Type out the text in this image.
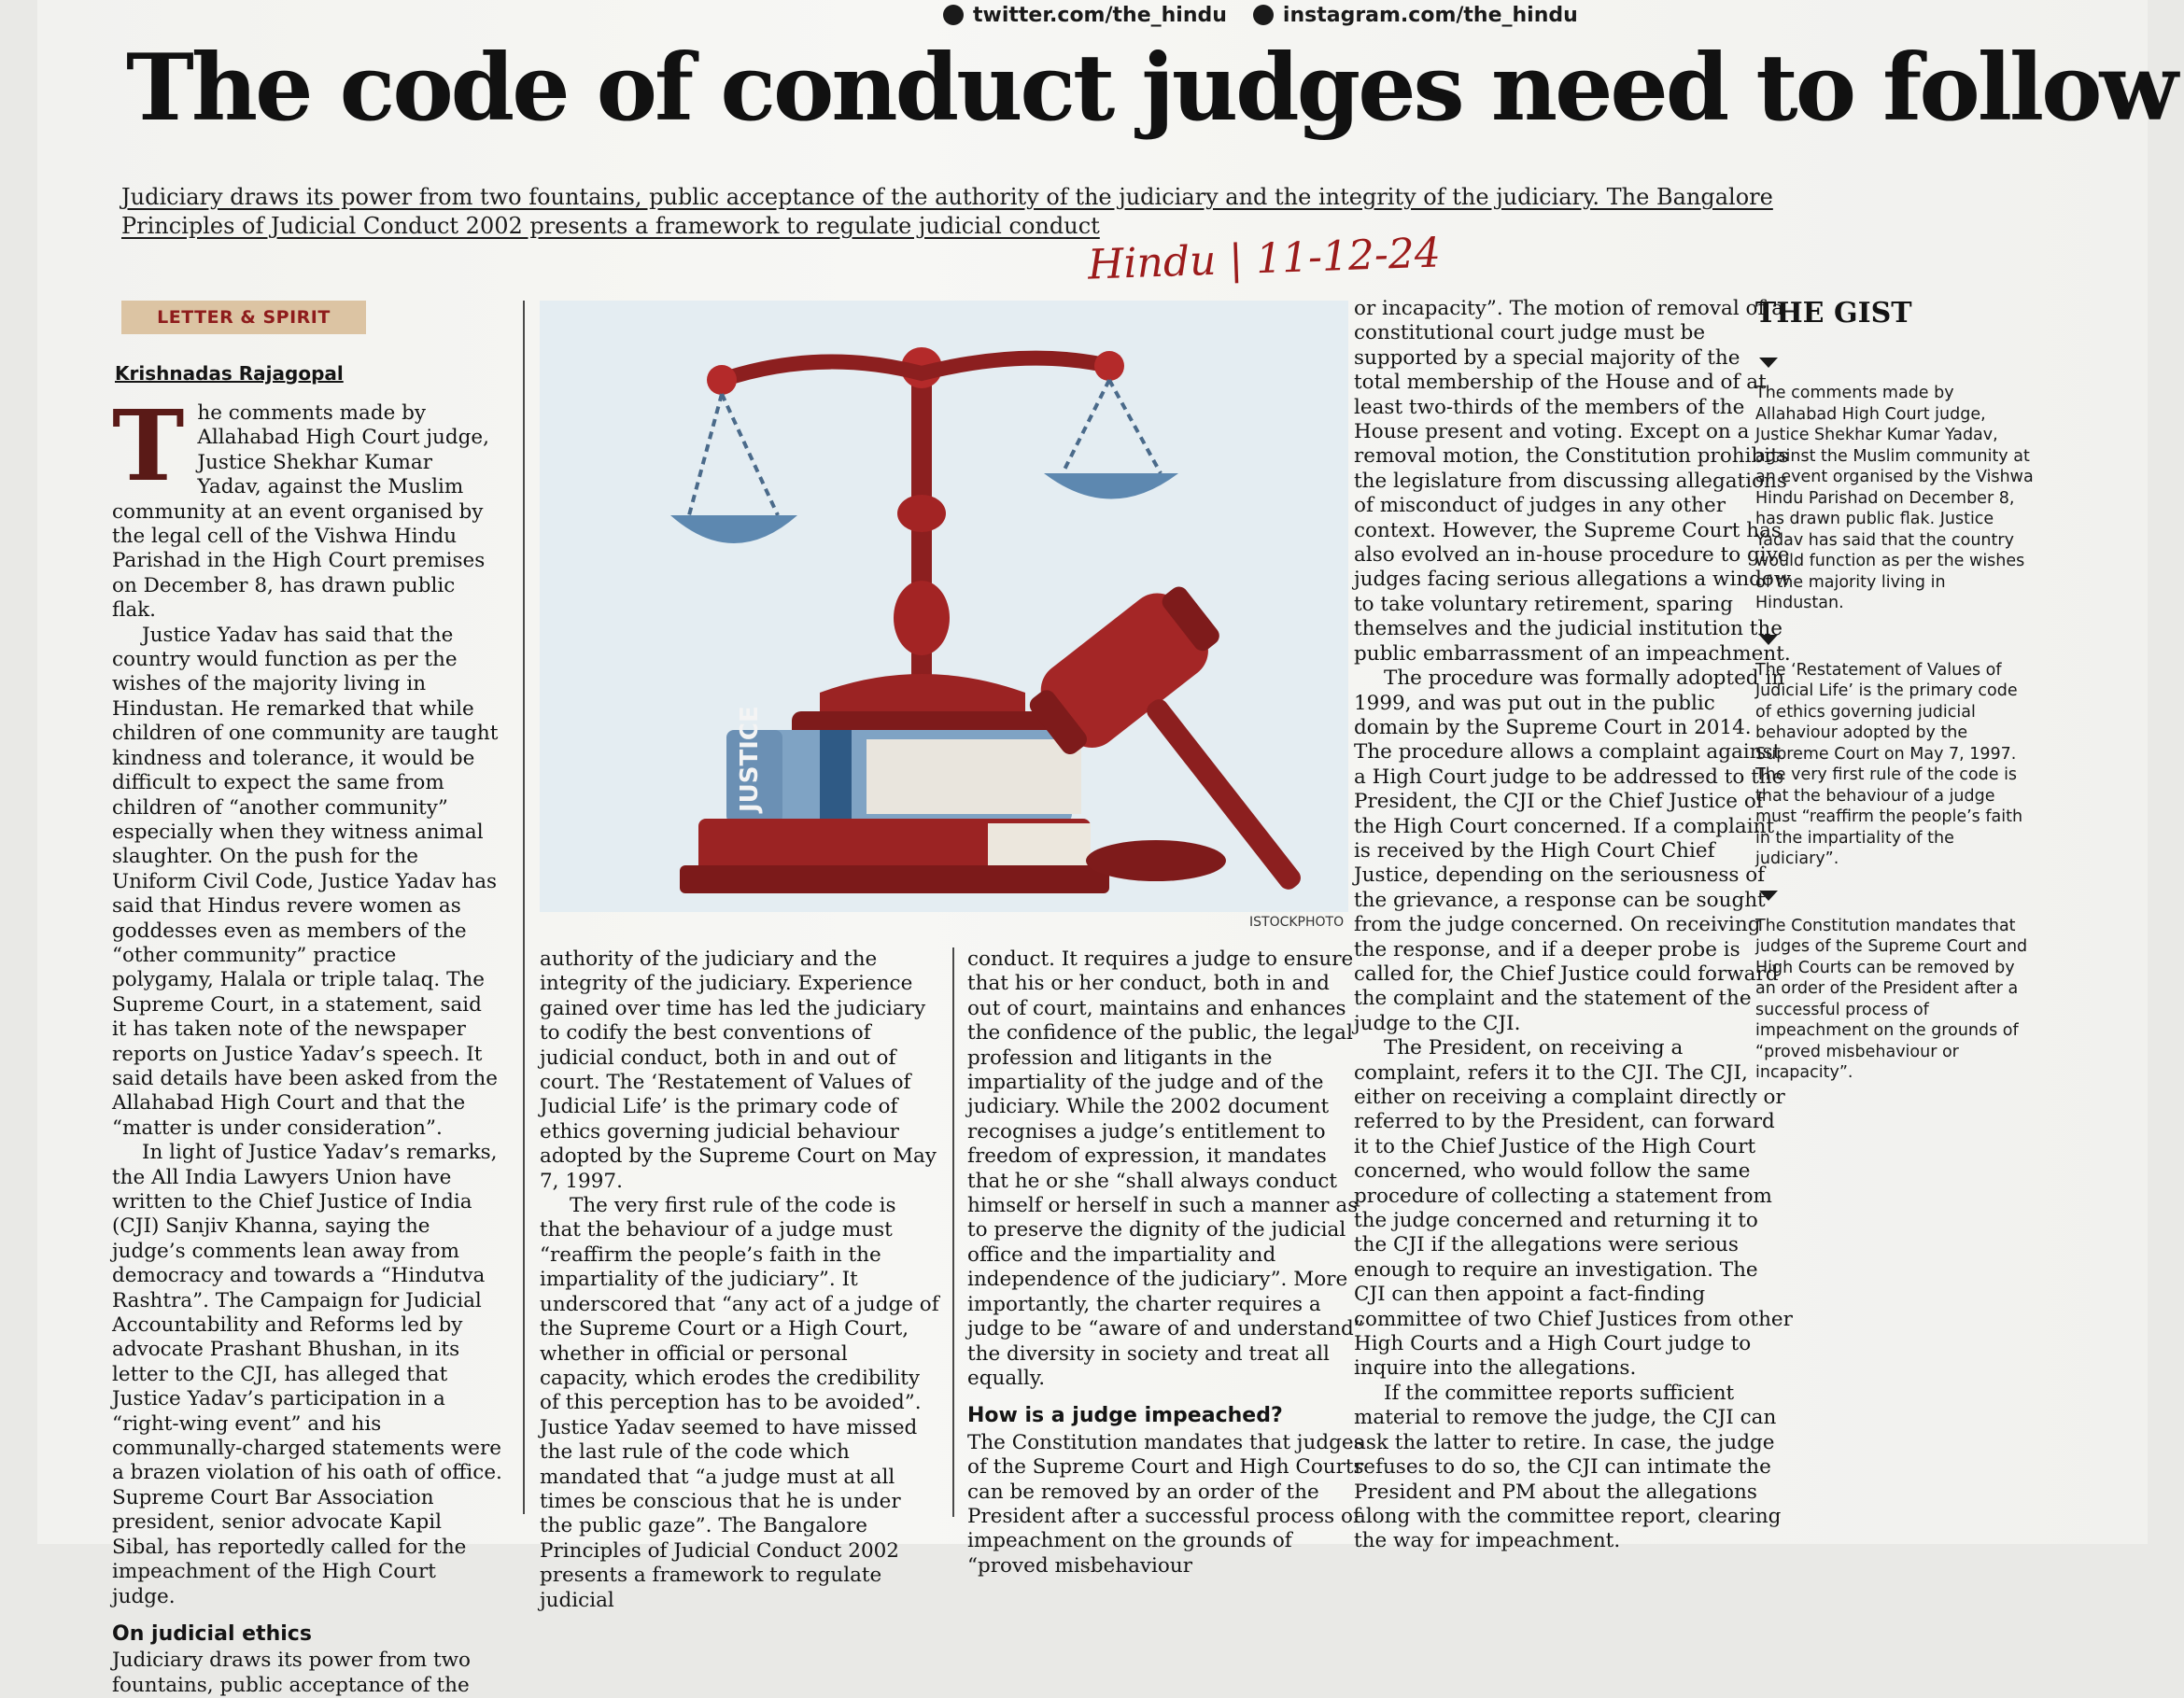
twitter.com/the_hindu	instagram.com/the_hindu
The code of conduct judges need to follow

Judiciary draws its power from two fountains, public acceptance of the authority of the judiciary and the integrity of the judiciary. The Bangalore Principles of Judicial Conduct 2002 presents a framework to regulate judicial conduct

Hindu | 11-12-24
LETTER & SPIRIT
Krishnadas Rajagopal
T he comments made by Allahabad High Court judge, Justice Shekhar Kumar Yadav, against the Muslim community at an event organised by the legal cell of the Vishwa Hindu Parishad in the High Court premises on December 8, has drawn public flak.

Justice Yadav has said that the country would function as per the wishes of the majority living in Hindustan. He remarked that while children of one community are taught kindness and tolerance, it would be difficult to expect the same from children of “another community” especially when they witness animal slaughter. On the push for the Uniform Civil Code, Justice Yadav has said that Hindus revere women as goddesses even as members of the “other community” practice polygamy, Halala or triple talaq. The Supreme Court, in a statement, said it has taken note of the newspaper reports on Justice Yadav’s speech. It said details have been asked from the Allahabad High Court and that the “matter is under consideration”.

In light of Justice Yadav’s remarks, the All India Lawyers Union have written to the Chief Justice of India (CJI) Sanjiv Khanna, saying the judge’s comments lean away from democracy and towards a “Hindutva Rashtra”. The Campaign for Judicial Accountability and Reforms led by advocate Prashant Bhushan, in its letter to the CJI, has alleged that Justice Yadav’s participation in a “right-wing event” and his communally-charged statements were a brazen violation of his oath of office. Supreme Court Bar Association president, senior advocate Kapil Sibal, has reportedly called for the impeachment of the High Court judge.

On judicial ethics

Judiciary draws its power from two fountains, public acceptance of the

JUSTICE
ISTOCKPHOTO

authority of the judiciary and the integrity of the judiciary. Experience gained over time has led the judiciary to codify the best conventions of judicial conduct, both in and out of court. The ‘Restatement of Values of Judicial Life’ is the primary code of ethics governing judicial behaviour adopted by the Supreme Court on May 7, 1997.

The very first rule of the code is that the behaviour of a judge must “reaffirm the people’s faith in the impartiality of the judiciary”. It underscored that “any act of a judge of the Supreme Court or a High Court, whether in official or personal capacity, which erodes the credibility of this perception has to be avoided”. Justice Yadav seemed to have missed the last rule of the code which mandated that “a judge must at all times be conscious that he is under the public gaze”. The Bangalore Principles of Judicial Conduct 2002 presents a framework to regulate judicial

conduct. It requires a judge to ensure that his or her conduct, both in and out of court, maintains and enhances the confidence of the public, the legal profession and litigants in the impartiality of the judge and of the judiciary. While the 2002 document recognises a judge’s entitlement to freedom of expression, it mandates that he or she “shall always conduct himself or herself in such a manner as to preserve the dignity of the judicial office and the impartiality and independence of the judiciary”. More importantly, the charter requires a judge to be “aware of and understand” the diversity in society and treat all equally.

How is a judge impeached?

The Constitution mandates that judges of the Supreme Court and High Courts can be removed by an order of the President after a successful process of impeachment on the grounds of “proved misbehaviour

or incapacity”. The motion of removal of a constitutional court judge must be supported by a special majority of the total membership of the House and of at least two-thirds of the members of the House present and voting. Except on a removal motion, the Constitution prohibits the legislature from discussing allegations of misconduct of judges in any other context. However, the Supreme Court has also evolved an in-house procedure to give judges facing serious allegations a window to take voluntary retirement, sparing themselves and the judicial institution the public embarrassment of an impeachment.

The procedure was formally adopted in 1999, and was put out in the public domain by the Supreme Court in 2014. The procedure allows a complaint against a High Court judge to be addressed to the President, the CJI or the Chief Justice of the High Court concerned. If a complaint is received by the High Court Chief Justice, depending on the seriousness of the grievance, a response can be sought from the judge concerned. On receiving the response, and if a deeper probe is called for, the Chief Justice could forward the complaint and the statement of the judge to the CJI.

The President, on receiving a complaint, refers it to the CJI. The CJI, either on receiving a complaint directly or referred to by the President, can forward it to the Chief Justice of the High Court concerned, who would follow the same procedure of collecting a statement from the judge concerned and returning it to the CJI if the allegations were serious enough to require an investigation. The CJI can then appoint a fact-finding committee of two Chief Justices from other High Courts and a High Court judge to inquire into the allegations.

If the committee reports sufficient material to remove the judge, the CJI can ask the latter to retire. In case, the judge refuses to do so, the CJI can intimate the President and PM about the allegations along with the committee report, clearing the way for impeachment.

THE GIST

The comments made by Allahabad High Court judge, Justice Shekhar Kumar Yadav, against the Muslim community at an event organised by the Vishwa Hindu Parishad on December 8, has drawn public flak. Justice Yadav has said that the country would function as per the wishes of the majority living in Hindustan.

The ‘Restatement of Values of Judicial Life’ is the primary code of ethics governing judicial behaviour adopted by the Supreme Court on May 7, 1997. The very first rule of the code is that the behaviour of a judge must “reaffirm the people’s faith in the impartiality of the judiciary”.

The Constitution mandates that judges of the Supreme Court and High Courts can be removed by an order of the President after a successful process of impeachment on the grounds of “proved misbehaviour or incapacity”.
